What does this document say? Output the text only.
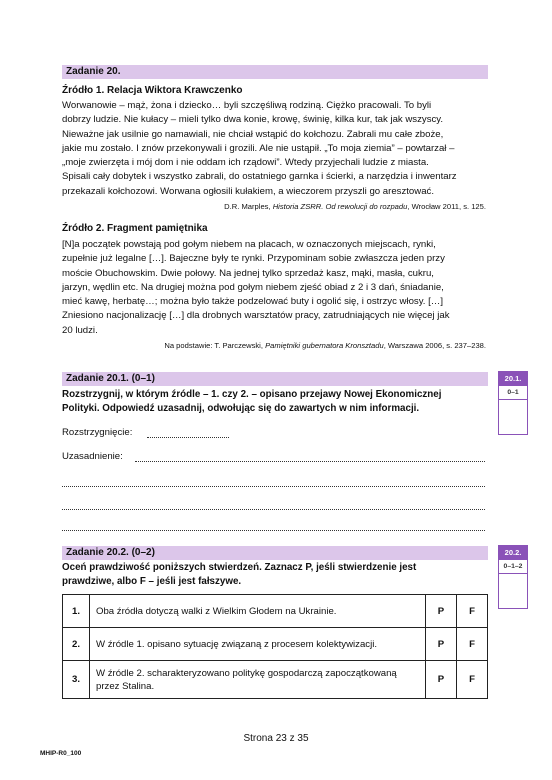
Zadanie 20.
Źródło 1. Relacja Wiktora Krawczenko
Worwanowie – mąż, żona i dziecko… byli szczęśliwą rodziną. Ciężko pracowali. To byli
dobrzy ludzie. Nie kułacy – mieli tylko dwa konie, krowę, świnię, kilka kur, tak jak wszyscy.
Nieważne jak usilnie go namawiali, nie chciał wstąpić do kołchozu. Zabrali mu całe zboże,
jakie mu zostało. I znów przekonywali i grozili. Ale nie ustąpił. „To moja ziemia” – powtarzał –
„moje zwierzęta i mój dom i nie oddam ich rządowi”. Wtedy przyjechali ludzie z miasta.
Spisali cały dobytek i wszystko zabrali, do ostatniego garnka i ścierki, a narzędzia i inwentarz
przekazali kołchozowi. Worwana ogłosili kułakiem, a wieczorem przyszli go aresztować.
D.R. Marples, Historia ZSRR. Od rewolucji do rozpadu, Wrocław 2011, s. 125.
Źródło 2. Fragment pamiętnika
[N]a początek powstają pod gołym niebem na placach, w oznaczonych miejscach, rynki,
zupełnie już legalne […]. Bajeczne były te rynki. Przypominam sobie zwłaszcza jeden przy
moście Obuchowskim. Dwie połowy. Na jednej tylko sprzedaż kasz, mąki, masła, cukru,
jarzyn, wędlin etc. Na drugiej można pod gołym niebem zjeść obiad z 2 i 3 dań, śniadanie,
mieć kawę, herbatę…; można było także podzelować buty i ogolić się, i ostrzyc włosy. […]
Zniesiono nacjonalizację […] dla drobnych warsztatów pracy, zatrudniających nie więcej jak
20 ludzi.
Na podstawie: T. Parczewski, Pamiętniki gubernatora Kronsztadu, Warszawa 2006, s. 237–238.
Zadanie 20.1. (0–1)	20.1.
0–1
Rozstrzygnij, w którym źródle – 1. czy 2. – opisano przejawy Nowej Ekonomicznej
Polityki. Odpowiedź uzasadnij, odwołując się do zawartych w nim informacji.
Rozstrzygnięcie:
Uzasadnienie:
Zadanie 20.2. (0–2)	20.2.
0–1–2
Oceń prawdziwość poniższych stwierdzeń. Zaznacz P, jeśli stwierdzenie jest
prawdziwe, albo F – jeśli jest fałszywe.
1.	Oba źródła dotyczą walki z Wielkim Głodem na Ukrainie.	P	F
2.	W źródle 1. opisano sytuację związaną z procesem kolektywizacji.	P	F
3.	W źródle 2. scharakteryzowano politykę gospodarczą zapoczątkowaną przez Stalina.	P	F
Strona 23 z 35
MHIP-R0_100
